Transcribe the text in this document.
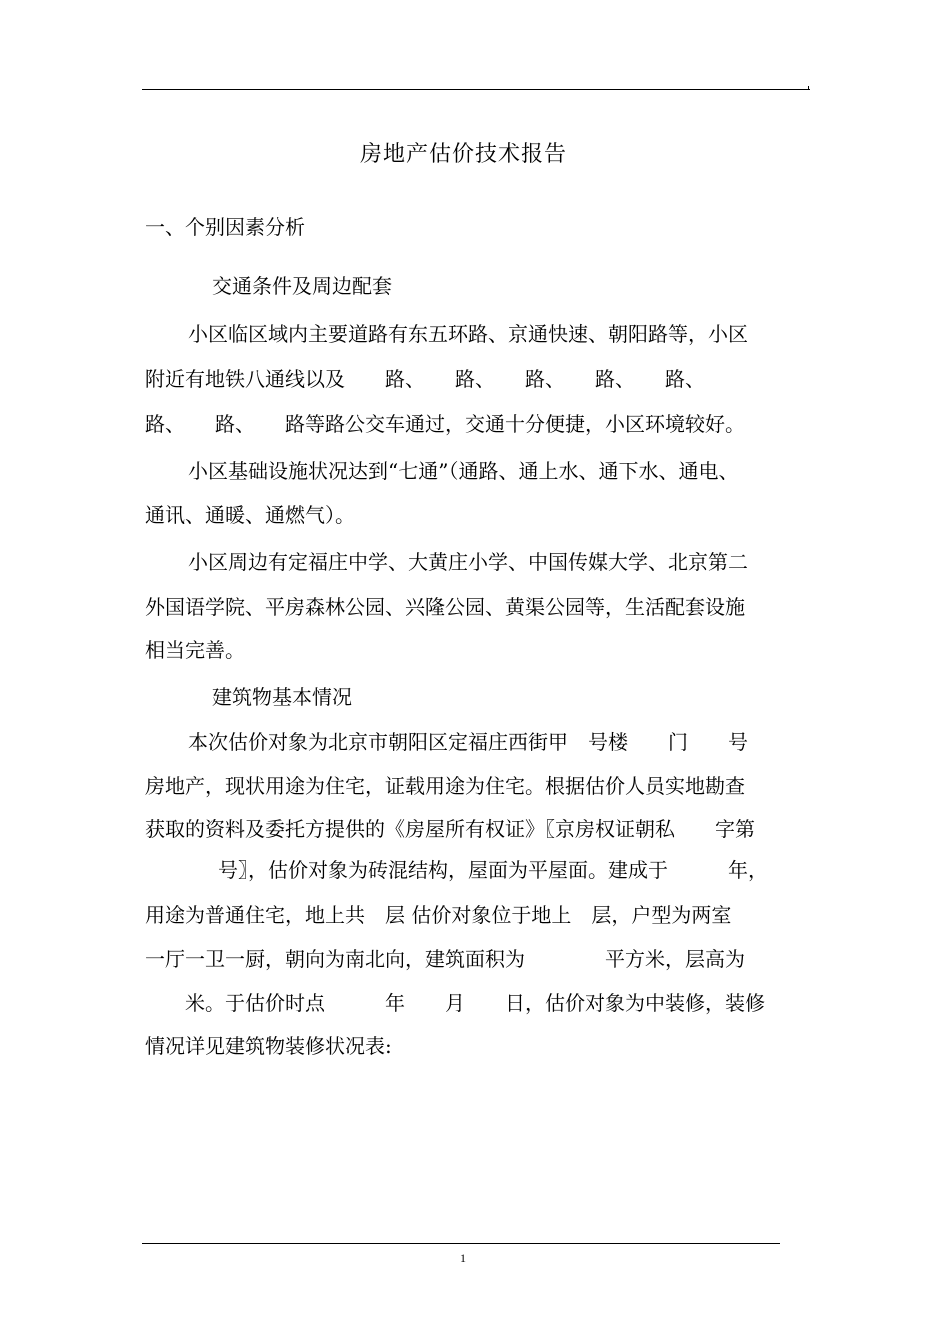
房地产估价技术报告
一、个别因素分析
交通条件及周边配套
小区临区域内主要道路有东五环路、京通快速、朝阳路等，小区
附近有地铁八通线以及　　路、　　路、　　路、　　路、　　路、
路、　　路、　　路等路公交车通过，交通十分便捷，小区环境较好。
小区基础设施状况达到“七通”（通路、通上水、通下水、通电、
通讯、通暖、通燃气）。
小区周边有定福庄中学、大黄庄小学、中国传媒大学、北京第二
外国语学院、平房森林公园、兴隆公园、黄渠公园等，生活配套设施
相当完善。
建筑物基本情况
本次估价对象为北京市朝阳区定福庄西街甲　号楼　　门　　号
房地产，现状用途为住宅，证载用途为住宅。根据估价人员实地勘查
获取的资料及委托方提供的《房屋所有权证》〖京房权证朝私　　字第
号〗，估价对象为砖混结构，屋面为平屋面。建成于　　　年，
用途为普通住宅，地上共　层 估价对象位于地上　层，户型为两室
一厅一卫一厨，朝向为南北向，建筑面积为　　　　平方米，层高为
米。于估价时点　　　年　　月　　日，估价对象为中装修，装修
情况详见建筑物装修状况表:
1
